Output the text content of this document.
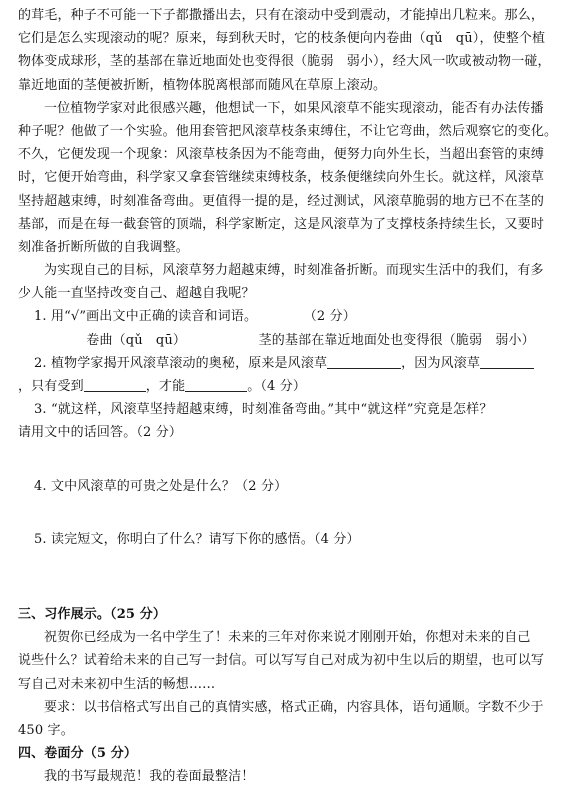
的茸毛，种子不可能一下子都撒播出去，只有在滚动中受到震动，才能掉出几粒来。那么，
它们是怎么实现滚动的呢？原来，每到秋天时，它的枝条便向内卷曲（qǔ　qū），使整个植
物体变成球形，茎的基部在靠近地面处也变得很（脆弱　弱小），经大风一吹或被动物一碰，
靠近地面的茎便被折断，植物体脱离根部而随风在草原上滚动。
一位植物学家对此很感兴趣，他想试一下，如果风滚草不能实现滚动，能否有办法传播
种子呢？他做了一个实验。他用套管把风滚草枝条束缚住，不让它弯曲，然后观察它的变化。
不久，它便发现一个现象：风滚草枝条因为不能弯曲，便努力向外生长，当超出套管的束缚
时，它便开始弯曲，科学家又拿套管继续束缚枝条，枝条便继续向外生长。就这样，风滚草
坚持超越束缚，时刻准备弯曲。更值得一提的是，经过测试，风滚草脆弱的地方已不在茎的
基部，而是在每一截套管的顶端，科学家断定，这是风滚草为了支撑枝条持续生长，又要时
刻准备折断所做的自我调整。
为实现自己的目标，风滚草努力超越束缚，时刻准备折断。而现实生活中的我们，有多
少人能一直坚持改变自己、超越自我呢？
1. 用“√”画出文中正确的读音和词语。	（2 分）
卷曲（qǔ　qū）	茎的基部在靠近地面处也变得很（脆弱　弱小）
2. 植物学家揭开风滚草滚动的奥秘，原来是风滚草	，因为风滚草
，只有受到	，才能	。（4 分）
3. “就这样，风滚草坚持超越束缚，时刻准备弯曲。”其中“就这样”究竟是怎样？
请用文中的话回答。（2 分）
4. 文中风滚草的可贵之处是什么？（2 分）
5. 读完短文，你明白了什么？请写下你的感悟。（4 分）
三、习作展示。（25 分）
祝贺你已经成为一名中学生了！未来的三年对你来说才刚刚开始，你想对未来的自己
说些什么？试着给未来的自己写一封信。可以写写自己对成为初中生以后的期望，也可以写
写自己对未来初中生活的畅想……
要求：以书信格式写出自己的真情实感，格式正确，内容具体，语句通顺。字数不少于
450 字。
四、卷面分（5 分）
我的书写最规范！我的卷面最整洁！
